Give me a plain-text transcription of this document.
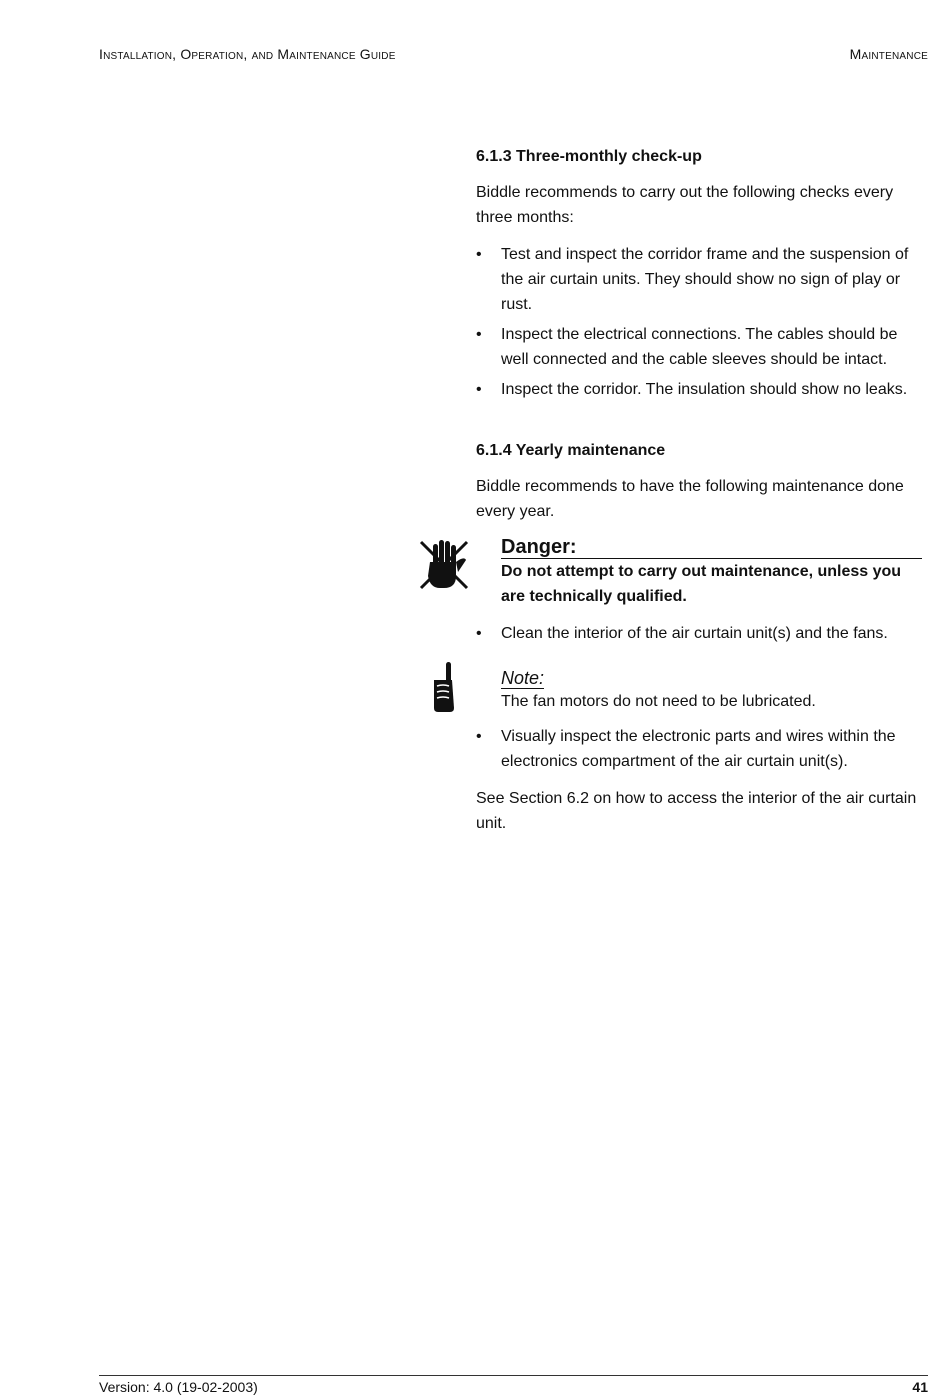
Installation, Operation, and Maintenance Guide	Maintenance
6.1.3 Three-monthly check-up

Biddle recommends to carry out the following checks every three months:

• Test and inspect the corridor frame and the suspension of the air curtain units. They should show no sign of play or rust.
• Inspect the electrical connections. The cables should be well connected and the cable sleeves should be intact.
• Inspect the corridor. The insulation should show no leaks.
6.1.4 Yearly maintenance

Biddle recommends to have the following maintenance done every year.

Danger:
Do not attempt to carry out maintenance, unless you are technically qualified.
• Clean the interior of the air curtain unit(s) and the fans.
Note:
The fan motors do not need to be lubricated.
• Visually inspect the electronic parts and wires within the electronics compartment of the air curtain unit(s).

See Section 6.2 on how to access the interior of the air curtain unit.

Version: 4.0 (19-02-2003)	41
